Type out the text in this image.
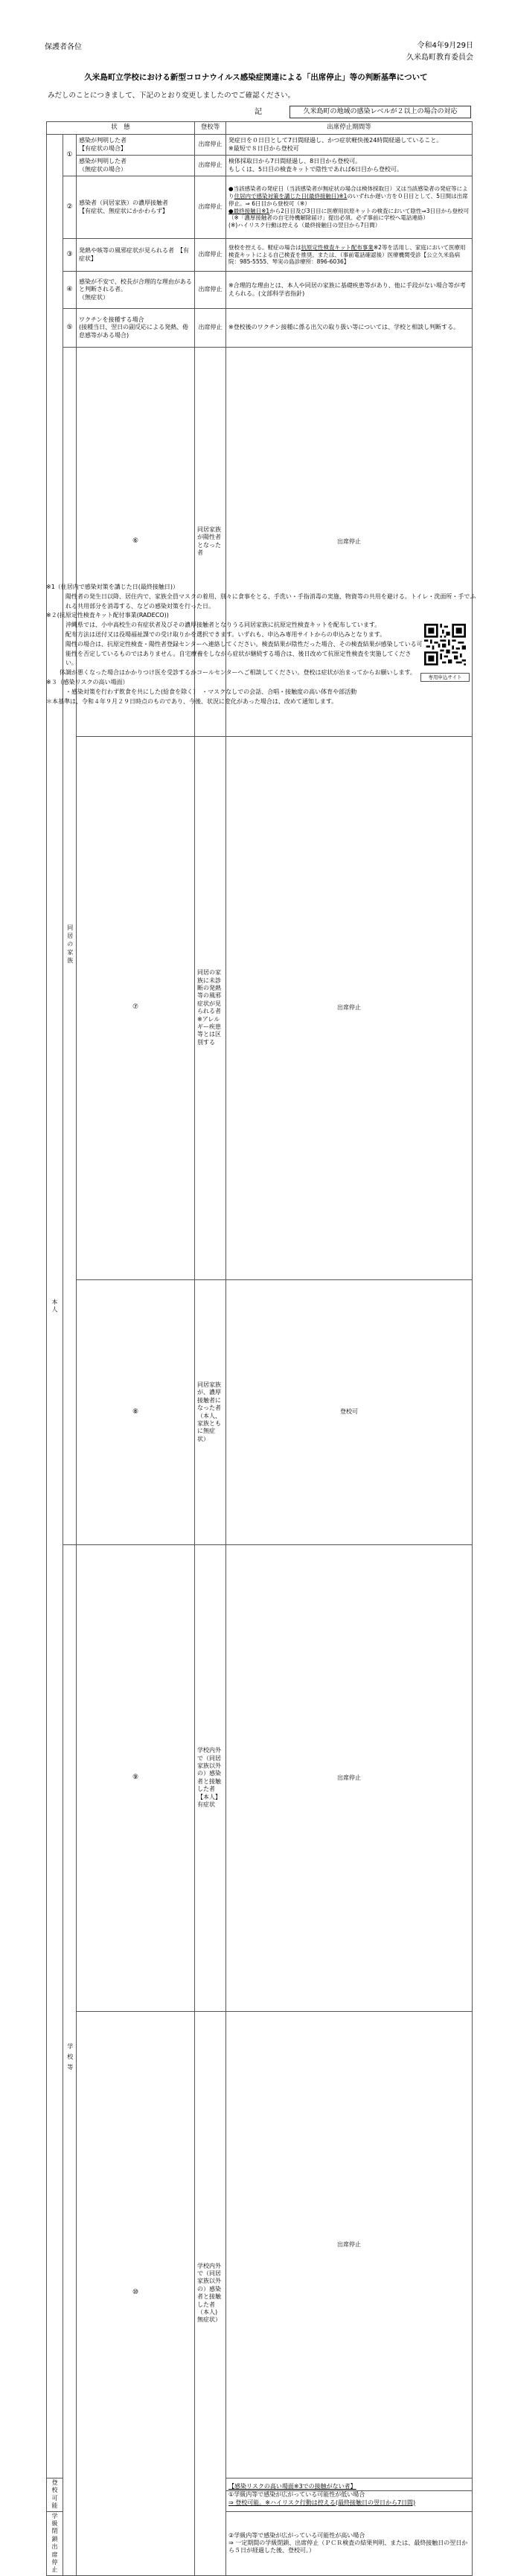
保護者各位	令和4年9月29日
久米島町教育委員会
久米島町立学校における新型コロナウイルス感染症関連による「出席停止」等の判断基準について
みだしのことにつきまして、下記のとおり変更しましたのでご確認ください。
記	久米島町の地域の感染レベルが２以上の場合の対応
状　態			登校等	出席停止期間等	
本人	①	感染が判明した者
【有症状の場合】	出席停止	発症日を０日目として7日間経過し、かつ症状軽快後24時間経過していること。
※最短で８日目から登校可	

		感染が判明した者
（無症状の場合）	出席停止	検体採取日から7日間経過し、8日目から登校可。
もしくは、5日目の検査キットで陰性であれば6日目から登校可。	

	②	感染者（同居家族）の濃厚接触者
【有症状、無症状にかかわらず】	出席停止	●当該感染者の発症日（当該感染者が無症状の場合は検体採取日）又は当該感染者の発症等により住居内で感染対策を講じた日(最終接触日)※1のいずれか遅い方を０日目として、5日間は出席停止。⇒ 6日目から登校可（※）
●最終接触日※1から2日目及び3日目に医療用抗原キットの検査において陰性⇒3日目から登校可（※「濃厚接触者の自宅待機解除届け」提出必須。必ず事前に学校へ電話連絡）
(※)ハイリスク行動は控える（最終接触日の翌日から7日間）	

	③	発熱や咳等の風邪症状が見られる者　【有症状】	出席停止	登校を控える。軽症の場合は抗原定性検査キット配布事業※2等を活用し、家庭において医療用検査キットによる自己検査を推奨。または、（事前電話確認後）医療機関受診【公立久米島病院：985-5555、琴実の島診療所：896-6036】	
	④	感染が不安で、校長が合理的な理由があると判断される者。
（無症状）	出席停止	※合理的な理由とは、本人や同居の家族に基礎疾患等があり、他に手段がない場合等が考えられる。(文部科学省指針)	
	⑤	ワクチンを接種する場合
(接種当日、翌日の副反応による発熱、倦怠感等がある場合)	出席停止	※登校後のワクチン接種に係る出欠の取り扱い等については、学校と相談し判断する。	
	同居の家族	⑥	同居家族が陽性者となった者	出席停止	

		⑦	同居の家族に未診断の発熱等の風邪症状が見られる者
※アレルギー疾患等とは区別する	出席停止	
		⑧	同居家族が、濃厚接触者になった者
（本人、家族ともに無症状）	登校可	

	学校等	⑨	学校内外で（同居家族以外の）感染者と接触した者
【本人】有症状	出席停止	

		⑩	学校内外で（同居家族以外の）感染者と接触した者
（本人)無症状）	出席停止	

登校可能				【感染リスクの高い場面※3での接触がない者】
①学級内等で感染が広がっている可能性が低い場合
⇒ 登校可能。※ハイリスク行動は控える(最終接触日の翌日から7日間)	

学級閉鎖出席停止				②学級内等で感染が広がっている可能性が高い場合
⇒ 一定期間の学級閉鎖、出席停止（ＰＣＲ検査の結果判明、または、最終接触日の翌日から５日が経過した後、登校可。）	
※1（住居内で感染対策を講じた日(最終接触日)）
陽性者の発生日以降、居住内で、家族全員マスクの着用、別々に食事をとる、手洗い・手指消毒の実施、物資等の共用を避ける。トイレ・洗面所・手でふれる共用部分を消毒する、などの感染対策を行った日。
※２(抗原定性検査キット配付事業(RADECO))
沖縄県では、小中高校生の有症状者及びその濃厚接触者となりうる同居家族に抗原定性検査キットを配布しています。
配布方法は送付又は役場福祉課での受け取りかを選択できます。いずれも、申込み専用サイトからの申込みとなります。
陽性の場合は、抗原定性検査・陽性者登録センターへ連絡してください。検査結果が陰性だった場合、その検査結果が感染している可能性を否定しているものではありません。自宅療養をしながら症状が継続する場合は、後日改めて抗原定性検査を実施してください。
体調が悪くなった場合はかかりつけ医を受診するかコールセンターへご相談してください。登校は症状が治まってからお願いします。
※３（感染リスクの高い場面）
・感染対策を行わず飲食を共にした(給食を除く）　・マスクなしでの会話、合唱・接触度の高い体育や部活動
＊本基準は、令和４年９月２９日時点のものであり、今後、状況に変化があった場合は、改めて通知します。
専用申込サイト
